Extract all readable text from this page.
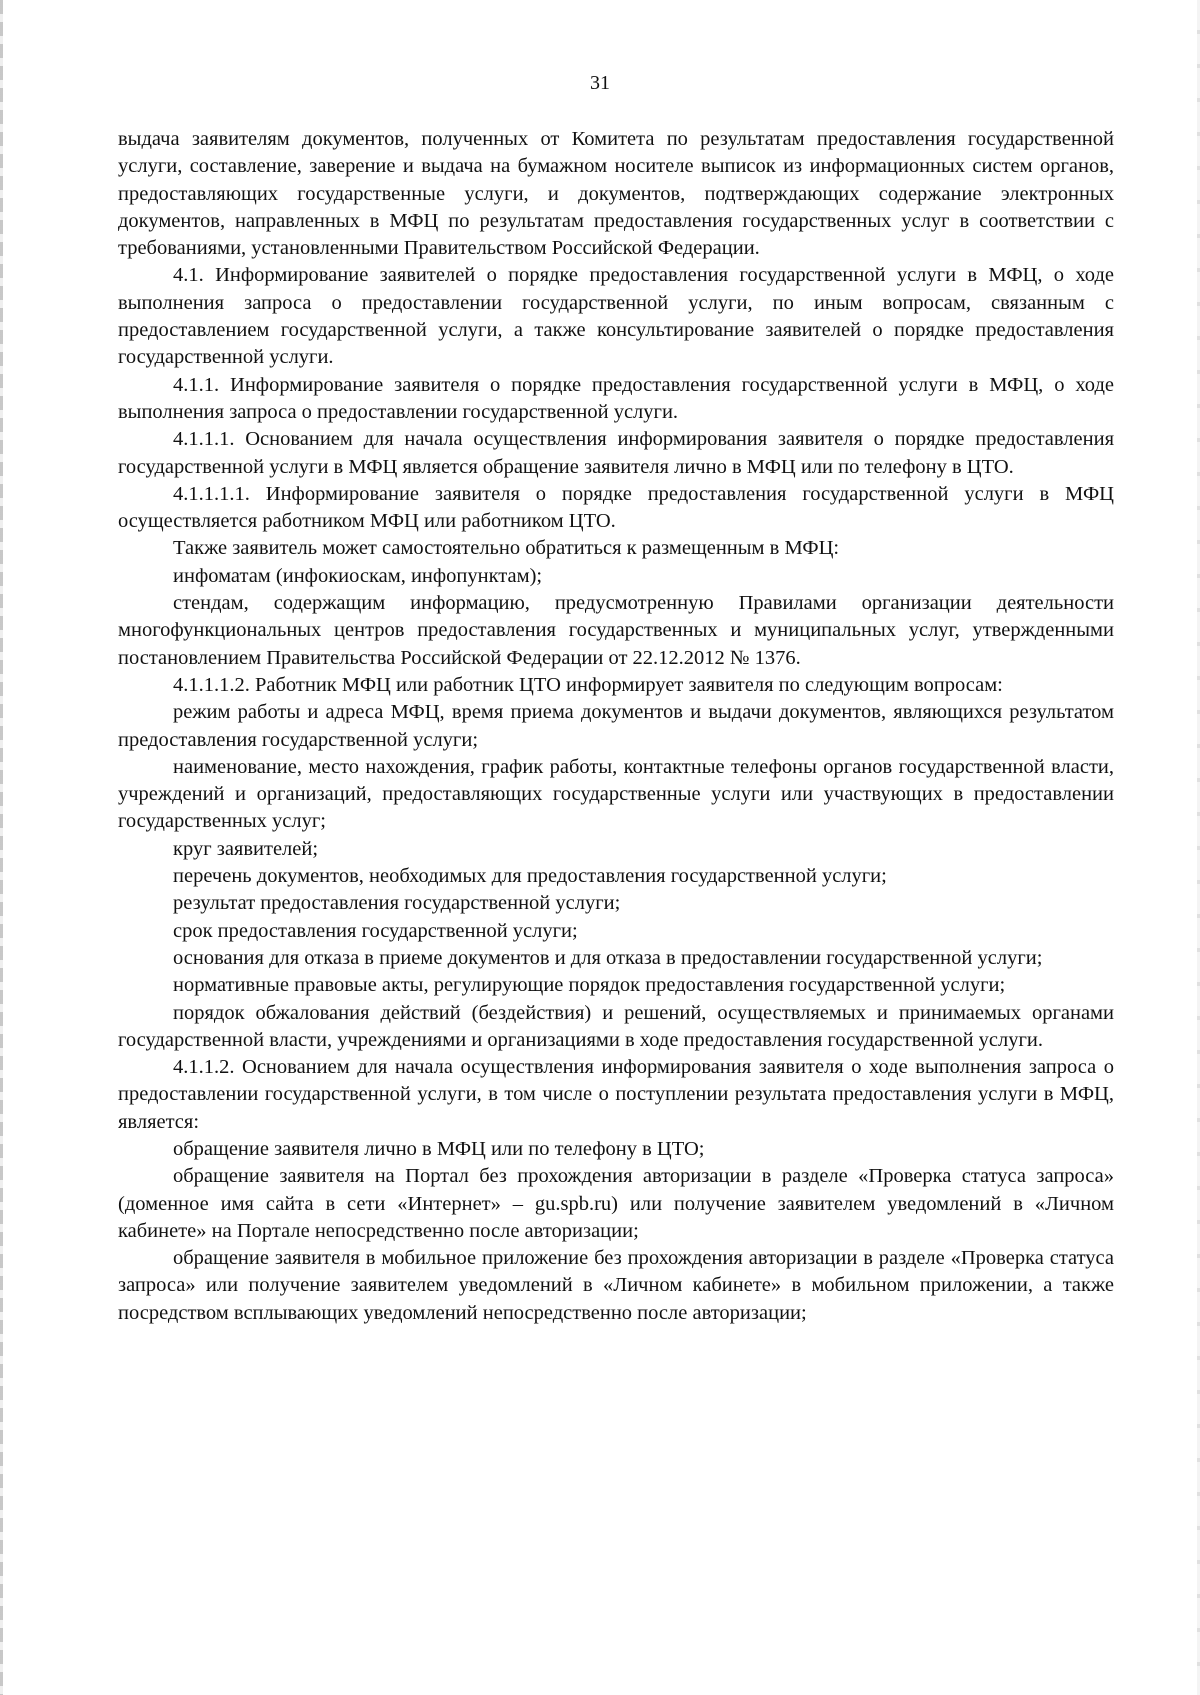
31

выдача заявителям документов, полученных от Комитета по результатам предоставления государственной услуги, составление, заверение и выдача на бумажном носителе выписок из информационных систем органов, предоставляющих государственные услуги, и документов, подтверждающих содержание электронных документов, направленных в МФЦ по результатам предоставления государственных услуг в соответствии с требованиями, установленными Правительством Российской Федерации.

4.1. Информирование заявителей о порядке предоставления государственной услуги в МФЦ, о ходе выполнения запроса о предоставлении государственной услуги, по иным вопросам, связанным с предоставлением государственной услуги, а также консультирование заявителей о порядке предоставления государственной услуги.

4.1.1. Информирование заявителя о порядке предоставления государственной услуги в МФЦ, о ходе выполнения запроса о предоставлении государственной услуги.

4.1.1.1. Основанием для начала осуществления информирования заявителя о порядке предоставления государственной услуги в МФЦ является обращение заявителя лично в МФЦ или по телефону в ЦТО.

4.1.1.1.1. Информирование заявителя о порядке предоставления государственной услуги в МФЦ осуществляется работником МФЦ или работником ЦТО.

Также заявитель может самостоятельно обратиться к размещенным в МФЦ:

инфоматам (инфокиоскам, инфопунктам);

стендам, содержащим информацию, предусмотренную Правилами организации деятельности многофункциональных центров предоставления государственных и муниципальных услуг, утвержденными постановлением Правительства Российской Федерации от 22.12.2012 № 1376.

4.1.1.1.2. Работник МФЦ или работник ЦТО информирует заявителя по следующим вопросам:

режим работы и адреса МФЦ, время приема документов и выдачи документов, являющихся результатом предоставления государственной услуги;

наименование, место нахождения, график работы, контактные телефоны органов государственной власти, учреждений и организаций, предоставляющих государственные услуги или участвующих в предоставлении государственных услуг;

круг заявителей;

перечень документов, необходимых для предоставления государственной услуги;

результат предоставления государственной услуги;

срок предоставления государственной услуги;

основания для отказа в приеме документов и для отказа в предоставлении государственной услуги;

нормативные правовые акты, регулирующие порядок предоставления государственной услуги;

порядок обжалования действий (бездействия) и решений, осуществляемых и принимаемых органами государственной власти, учреждениями и организациями в ходе предоставления государственной услуги.

4.1.1.2. Основанием для начала осуществления информирования заявителя о ходе выполнения запроса о предоставлении государственной услуги, в том числе о поступлении результата предоставления услуги в МФЦ, является:

обращение заявителя лично в МФЦ или по телефону в ЦТО;

обращение заявителя на Портал без прохождения авторизации в разделе «Проверка статуса запроса» (доменное имя сайта в сети «Интернет» – gu.spb.ru) или получение заявителем уведомлений в «Личном кабинете» на Портале непосредственно после авторизации;

обращение заявителя в мобильное приложение без прохождения авторизации в разделе «Проверка статуса запроса» или получение заявителем уведомлений в «Личном кабинете» в мобильном приложении, а также посредством всплывающих уведомлений непосредственно после авторизации;
